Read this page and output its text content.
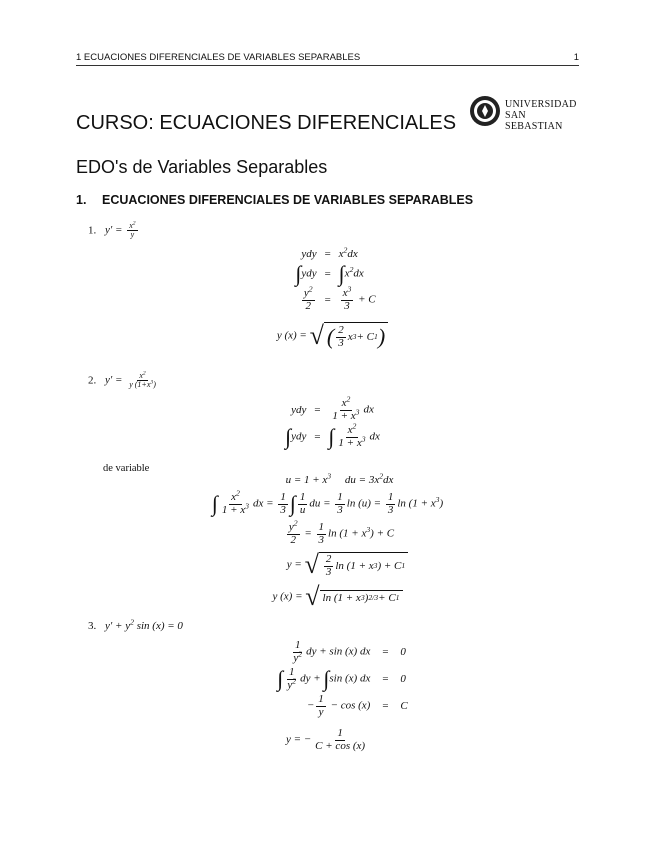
1 ECUACIONES DIFERENCIALES DE VARIABLES SEPARABLES	1
UNIVERSIDAD
SAN SEBASTIAN
CURSO: ECUACIONES DIFERENCIALES
EDO's de Variables Separables
1. ECUACIONES DIFERENCIALES DE VARIABLES SEPARABLES
1. $y' = \frac{x^2}{y}$
ydy = $x^2dx$
$\int ydy = \int x^2dx$
$\frac{y^2}{2} = \frac{x^3}{3} + C$
y (x) = √ ( $\frac{2}{3}$ x 3 + C 1 )
2. $y' = \frac{x^2}{y (1+x^3)}$
ydy = $\frac{x^2}{1 + x^3}$ dx
∫ydy = ∫ $\frac{x^2}{1 + x^3}$ dx
de variable
$u = 1 + x^3$     du = $3x^2dx$
∫ $\frac{x^2}{1 + x^3}$ dx = $\frac{1}{3}$ ∫ $\frac{1}{u}$ du = $\frac{1}{3}$ $\ln (u) = \frac{1}{3}$ $\ln (1 + x^3)$
$\frac{y^2}{2} = \frac{1}{3}$ $\ln (1 + x^3) + C$
y = √ $\frac{2}{3}$ ln (1 + x 3 ) + C 1
y (x) = √ ln (1 + x 3 ) 2/3 + C 1
3. $y' + y^2$ sin (x) = 0
$\frac{1}{y^2}$ dy + sin (x) dx	=	0
∫ $\frac{1}{y^2}$ dy + ∫sin (x) dx	=	0
− $\frac{1}{y} - \cos (x)$	=	C
y = − $\frac{1}{C + \cos (x)}$
